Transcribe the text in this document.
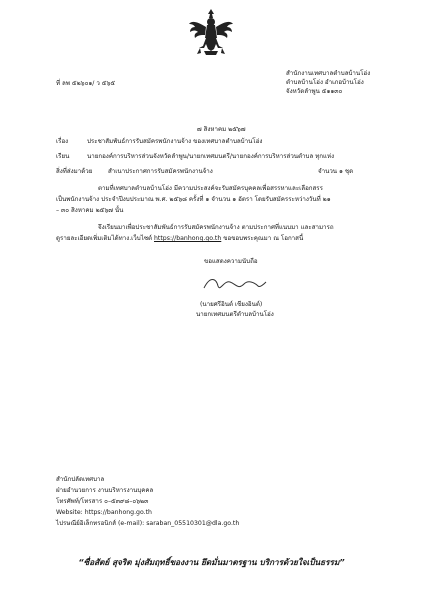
ที่ ลพ ๕๒๖๐๑/ ว ๕๖๕
สำนักงานเทศบาลตำบลบ้านโฮ่ง
ตำบลบ้านโฮ่ง อำเภอบ้านโฮ่ง
จังหวัดลำพูน ๕๑๑๓๐
๗ สิงหาคม ๒๕๖๗
เรื่อง	ประชาสัมพันธ์การรับสมัครพนักงานจ้าง ของเทศบาลตำบลบ้านโฮ่ง
เรียน	นายกองค์การบริหารส่วนจังหวัดลำพูน/นายกเทศมนตรี/นายกองค์การบริหารส่วนตำบล ทุกแห่ง
สิ่งที่ส่งมาด้วย	สำเนาประกาศการรับสมัครพนักงานจ้าง	จำนวน ๑ ชุด
ตามที่เทศบาลตำบลบ้านโฮ่ง มีความประสงค์จะรับสมัครบุคคลเพื่อสรรหาและเลือกสรร
เป็นพนักงานจ้าง ประจำปีงบประมาณ พ.ศ. ๒๕๖๘ ครั้งที่ ๑ จำนวน ๑ อัตรา โดยรับสมัครระหว่างวันที่ ๒๑
– ๓๐ สิงหาคม ๒๕๖๗ นั้น
จึงเรียนมาเพื่อประชาสัมพันธ์การรับสมัครพนักงานจ้าง ตามประกาศที่แนบมา และสามารถ
ดูรายละเอียดเพิ่มเติมได้ทาง.เว็บไซต์ https://banhong.go.th ขอขอบพระคุณมา ณ โอกาสนี้
ขอแสดงความนับถือ
(นายศรีอินต์ เชียงอินต์)
นายกเทศมนตรีตำบลบ้านโฮ่ง
สำนักปลัดเทศบาล
ฝ่ายอำนวยการ งานบริหารงานบุคคล
โทรศัพท์/โทรสาร ๐–๕๓๙๘–๐๖๒๓
Website: https://banhong.go.th
ไปรษณีย์อิเล็กทรอนิกส์ (e-mail): saraban_05510301@dla.go.th
“ซื่อสัตย์ สุจริต มุ่งสัมฤทธิ์ของงาน ยึดมั่นมาตรฐาน บริการด้วยใจเป็นธรรม”
